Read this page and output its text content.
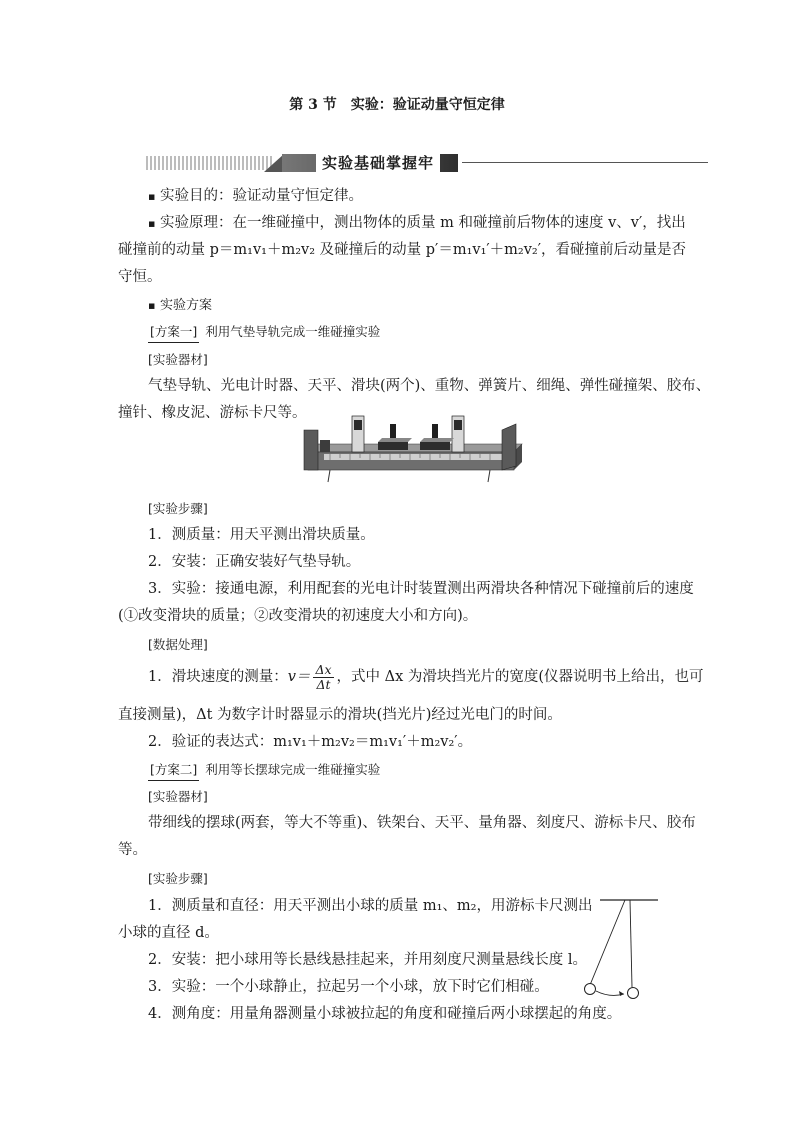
第 3 节　实验：验证动量守恒定律
实验基础掌握牢
▪ 实验目的：验证动量守恒定律。
▪ 实验原理：在一维碰撞中，测出物体的质量 m 和碰撞前后物体的速度 v、v′，找出
碰撞前的动量 p＝m₁v₁＋m₂v₂ 及碰撞后的动量 p′＝m₁v₁′＋m₂v₂′，看碰撞前后动量是否
守恒。
▪ 实验方案
[方案一] 利用气垫导轨完成一维碰撞实验
[实验器材]
气垫导轨、光电计时器、天平、滑块(两个)、重物、弹簧片、细绳、弹性碰撞架、胶布、
撞针、橡皮泥、游标卡尺等。
[实验步骤]
1．测质量：用天平测出滑块质量。
2．安装：正确安装好气垫导轨。
3．实验：接通电源，利用配套的光电计时装置测出两滑块各种情况下碰撞前后的速度
(①改变滑块的质量；②改变滑块的初速度大小和方向)。
[数据处理]
1．滑块速度的测量：$v= \frac{\Delta x}{\Delta t}$ ，式中 Δx 为滑块挡光片的宽度(仪器说明书上给出，也可
直接测量)，Δt 为数字计时器显示的滑块(挡光片)经过光电门的时间。
2．验证的表达式：m₁v₁＋m₂v₂＝m₁v₁′＋m₂v₂′。
[方案二] 利用等长摆球完成一维碰撞实验
[实验器材]
带细线的摆球(两套，等大不等重)、铁架台、天平、量角器、刻度尺、游标卡尺、胶布
等。
[实验步骤]
1．测质量和直径：用天平测出小球的质量 m₁、m₂，用游标卡尺测出
小球的直径 d。
2．安装：把小球用等长悬线悬挂起来，并用刻度尺测量悬线长度 l。
3．实验：一个小球静止，拉起另一个小球，放下时它们相碰。
4．测角度：用量角器测量小球被拉起的角度和碰撞后两小球摆起的角度。
